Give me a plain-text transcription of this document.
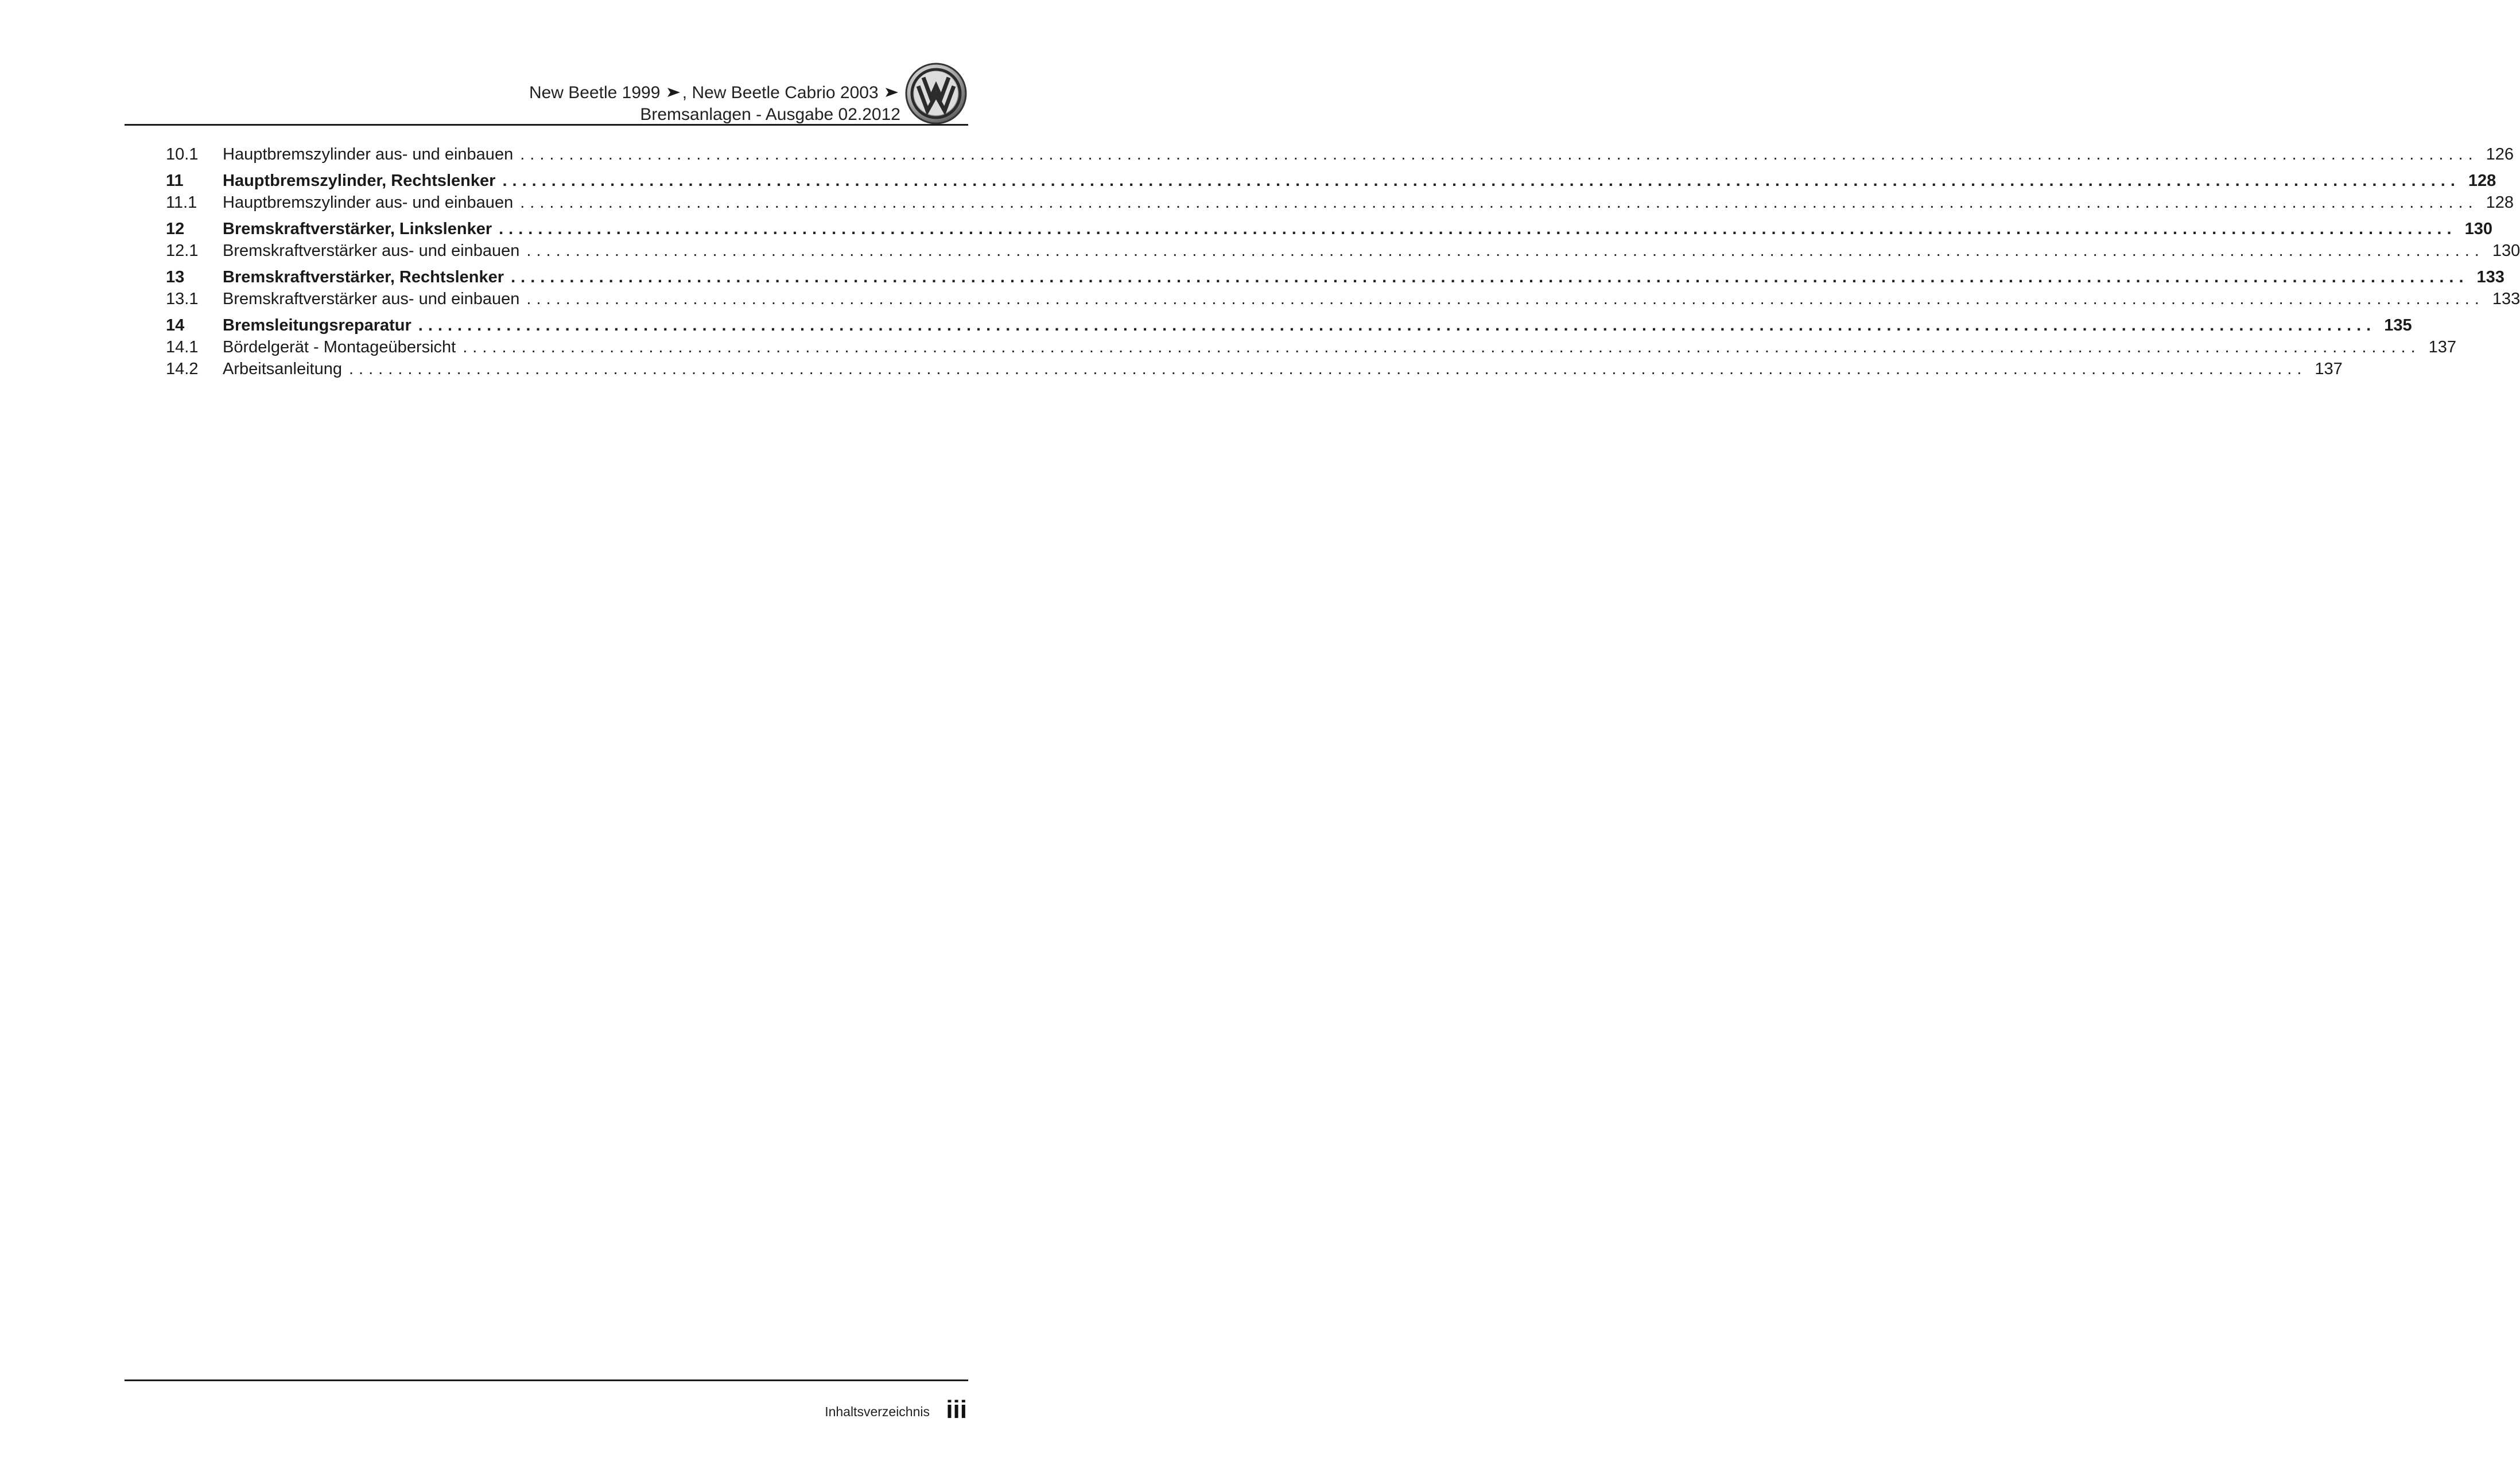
New Beetle 1999 , New Beetle Cabrio 2003
Bremsanlagen - Ausgabe 02.2012
10.1	Hauptbremszylinder aus- und einbauen ........................................................................................................................................................................................................ 126
11	Hauptbremszylinder, Rechtslenker ........................................................................................................................................................................................................ 128
11.1	Hauptbremszylinder aus- und einbauen ........................................................................................................................................................................................................ 128
12	Bremskraftverstärker, Linkslenker ........................................................................................................................................................................................................ 130
12.1	Bremskraftverstärker aus- und einbauen ........................................................................................................................................................................................................ 130
13	Bremskraftverstärker, Rechtslenker ........................................................................................................................................................................................................ 133
13.1	Bremskraftverstärker aus- und einbauen ........................................................................................................................................................................................................ 133
14	Bremsleitungsreparatur ........................................................................................................................................................................................................ 135
14.1	Bördelgerät - Montageübersicht ........................................................................................................................................................................................................ 137
14.2	Arbeitsanleitung ........................................................................................................................................................................................................ 137
Inhaltsverzeichnis iii
